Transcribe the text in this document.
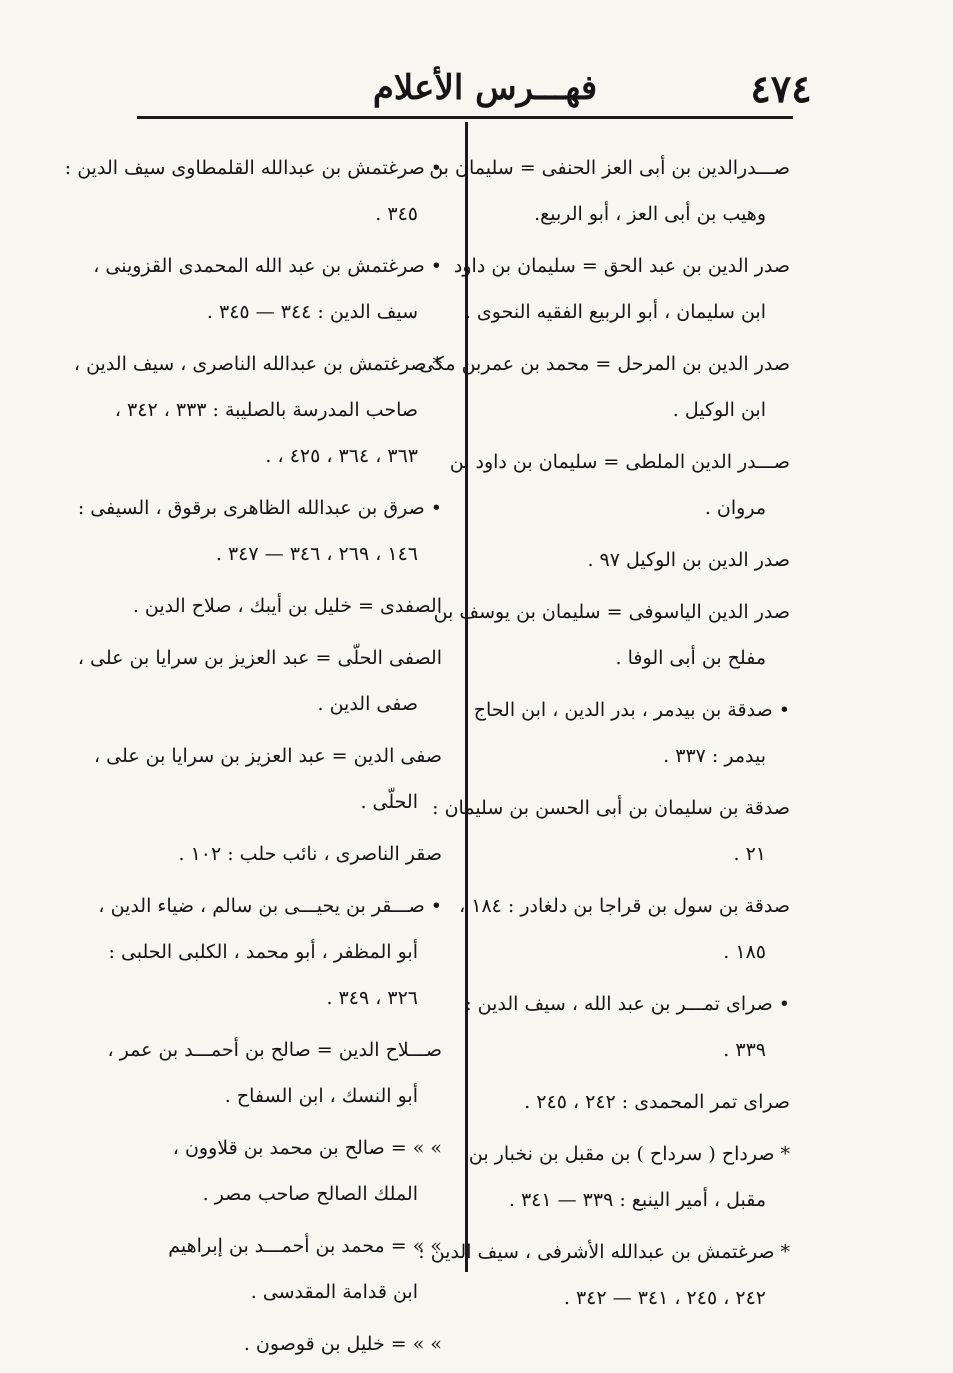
٤٧٤
فهـــرس الأعلام
صـــدرالدين بن أبى العز الحنفى = سليمان بن
وهيب بن أبى العز ، أبو الربيع.
صدر الدين بن عبد الحق = سليمان بن داود
ابن سليمان ، أبو الربيع الفقيه النحوى .
صدر الدين بن المرحل = محمد بن عمربن مكى
ابن الوكيل .
صـــدر الدين الملطى = سليمان بن داود بن
مروان .
صدر الدين بن الوكيل ٩٧ .
صدر الدين الياسوفى = سليمان بن يوسف بن
مفلح بن أبى الوفا .
• صدقة بن بيدمر ، بدر الدين ، ابن الحاج
بيدمر : ٣٣٧ .
صدقة بن سليمان بن أبى الحسن بن سليمان :
٢١ .
صدقة بن سول بن قراجا بن دلغادر : ١٨٤ ،
١٨٥ .
• صراى تمـــر بن عبد الله ، سيف الدين :
٣٣٩ .
صراى تمر المحمدى : ٢٤٢ ، ٢٤٥ .
* صرداح ( سرداح ) بن مقبل بن نخبار بن
مقبل ، أمير الينبع : ٣٣٩ — ٣٤١ .
* صرغتمش بن عبدالله الأشرفى ، سيف الدين :
٢٤٢ ، ٢٤٥ ، ٣٤١ — ٣٤٢ .
• صرغتمش بن عبدالله القلمطاوى سيف الدين :
٣٤٥ .
• صرغتمش بن عبد الله المحمدى القزوينى ،
سيف الدين : ٣٤٤ — ٣٤٥ .
* صرغتمش بن عبدالله الناصرى ، سيف الدين ،
صاحب المدرسة بالصليبة : ٣٣٣ ، ٣٤٢ ،
٣٦٣ ، ٣٦٤ ، ٤٢٥ ، .
• صرق بن عبدالله الظاهرى برقوق ، السيفى :
١٤٦ ، ٢٦٩ ، ٣٤٦ — ٣٤٧ .
الصفدى = خليل بن أيبك ، صلاح الدين .
الصفى الحلّى = عبد العزيز بن سرايا بن على ،
صفى الدين .
صفى الدين = عبد العزيز بن سرايا بن على ،
الحلّى .
صقر الناصرى ، نائب حلب : ١٠٢ .
• صـــقر بن يحيـــى بن سالم ، ضياء الدين ،
أبو المظفر ، أبو محمد ، الكلبى الحلبى :
٣٢٦ ، ٣٤٩ .
صـــلاح الدين = صالح بن أحمـــد بن عمر ،
أبو النسك ، ابن السفاح .
» » = صالح بن محمد بن قلاوون ،
الملك الصالح صاحب مصر .
» » = محمد بن أحمـــد بن إبراهيم
ابن قدامة المقدسى .
» » = خليل بن قوصون .
